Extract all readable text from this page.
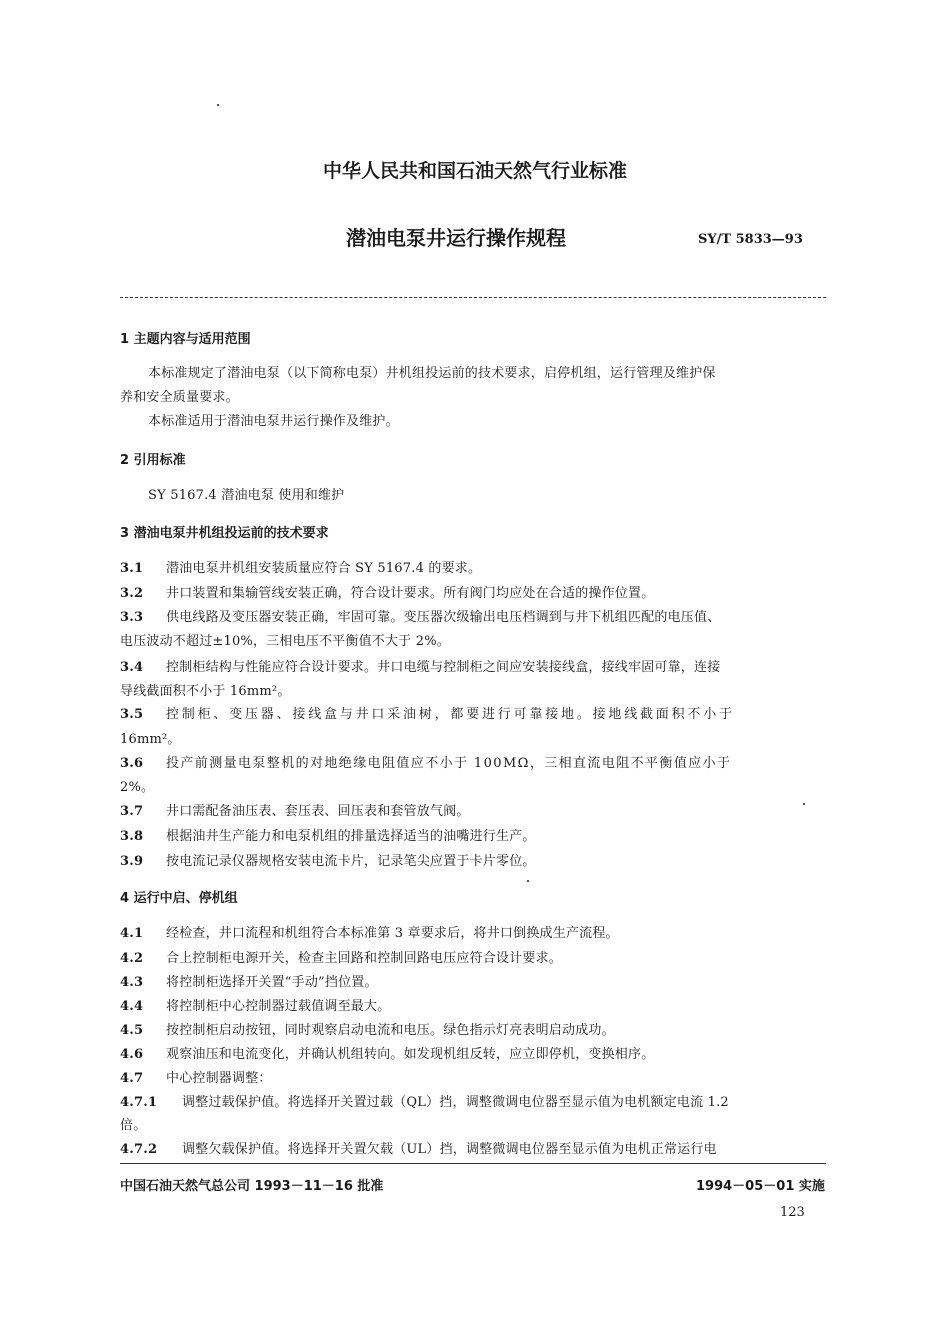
中华人民共和国石油天然气行业标准
潜油电泵井运行操作规程	SY/T 5833—93
1 主题内容与适用范围
本标准规定了潜油电泵（以下简称电泵）井机组投运前的技术要求，启停机组，运行管理及维护保
养和安全质量要求。
本标准适用于潜油电泵井运行操作及维护。
2 引用标准
SY 5167.4 潜油电泵 使用和维护
3 潜油电泵井机组投运前的技术要求
3.1 潜油电泵井机组安装质量应符合 SY 5167.4 的要求。
3.2 井口装置和集输管线安装正确，符合设计要求。所有阀门均应处在合适的操作位置。
3.3 供电线路及变压器安装正确，牢固可靠。变压器次级输出电压档调到与井下机组匹配的电压值、
电压波动不超过±10%，三相电压不平衡值不大于 2%。
3.4 控制柜结构与性能应符合设计要求。井口电缆与控制柜之间应安装接线盒，接线牢固可靠，连接
导线截面积不小于 16mm²。
3.5 控制柜、变压器、接线盒与井口采油树，都要进行可靠接地。接地线截面积不小于
16mm²。
3.6 投产前测量电泵整机的对地绝缘电阻值应不小于 100MΩ，三相直流电阻不平衡值应小于
2%。
3.7 井口需配备油压表、套压表、回压表和套管放气阀。
3.8 根据油井生产能力和电泵机组的排量选择适当的油嘴进行生产。
3.9 按电流记录仪器规格安装电流卡片，记录笔尖应置于卡片零位。
4 运行中启、停机组
4.1 经检查，井口流程和机组符合本标准第 3 章要求后，将井口倒换成生产流程。
4.2 合上控制柜电源开关，检查主回路和控制回路电压应符合设计要求。
4.3 将控制柜选择开关置“手动”挡位置。
4.4 将控制柜中心控制器过载值调至最大。
4.5 按控制柜启动按钮，同时观察启动电流和电压。绿色指示灯亮表明启动成功。
4.6 观察油压和电流变化，并确认机组转向。如发现机组反转，应立即停机，变换相序。
4.7 中心控制器调整：
4.7.1 调整过载保护值。将选择开关置过载（QL）挡，调整微调电位器至显示值为电机额定电流 1.2
倍。
4.7.2 调整欠载保护值。将选择开关置欠载（UL）挡，调整微调电位器至显示值为电机正常运行电
中国石油天然气总公司 1993－11－16 批准	1994－05－01 实施
123
